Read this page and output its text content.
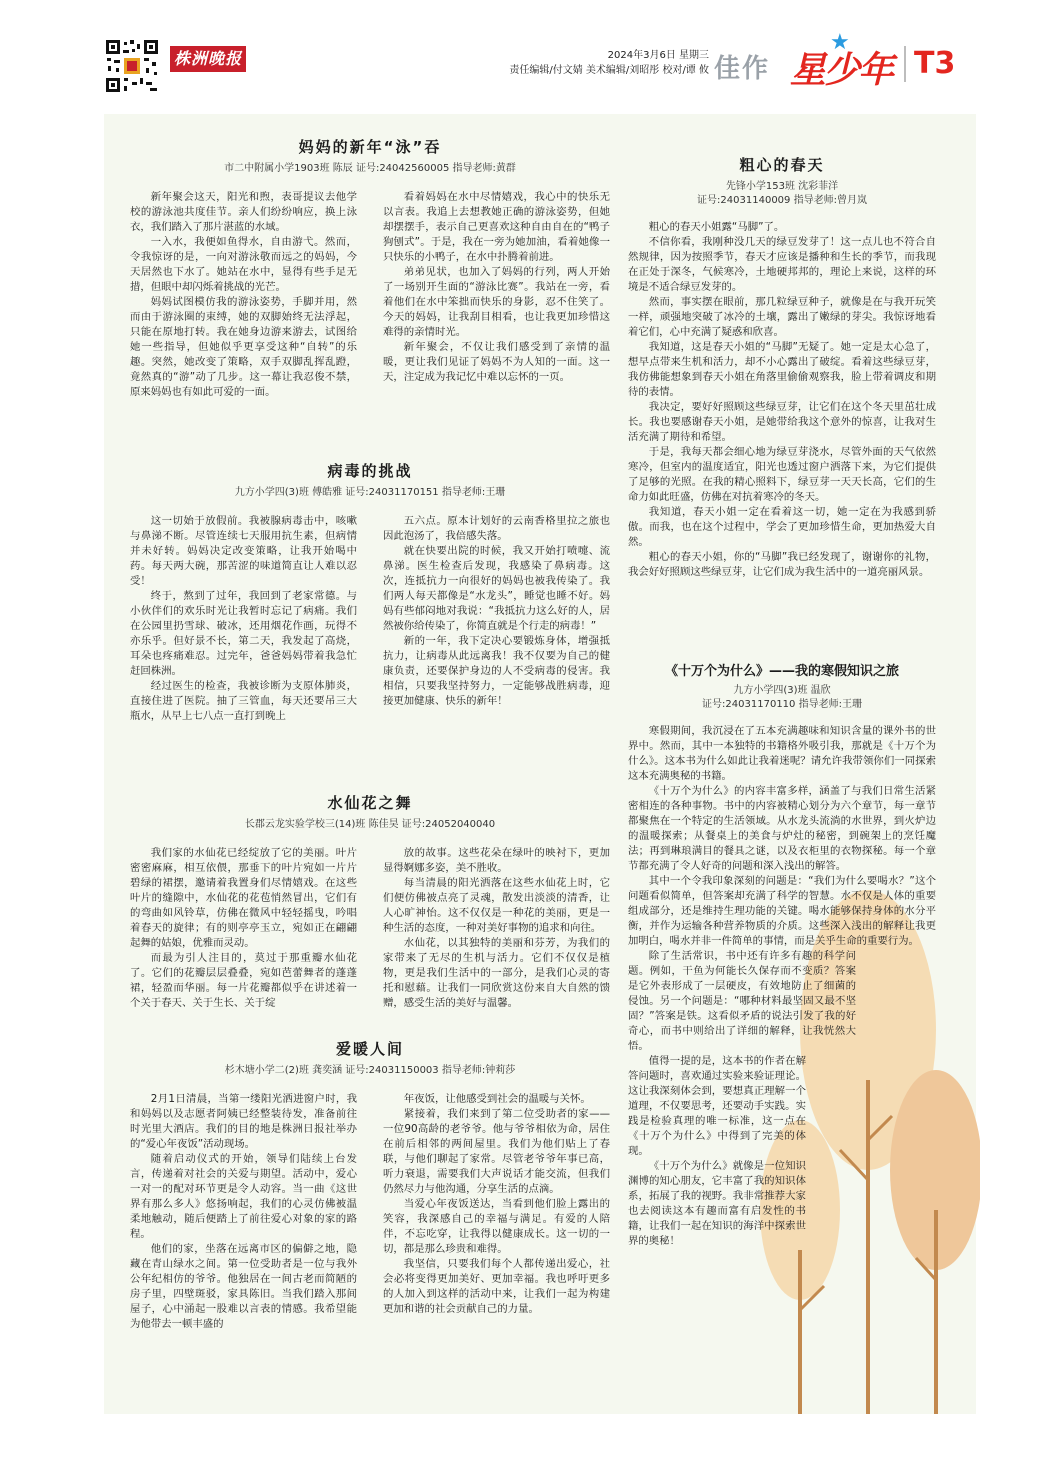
株洲晚报	2024年3月6日 星期三
责任编辑/付文婧 美术编辑/刘昭彤 校对/谭 攸 佳作
★
星少年 T3
妈妈的新年“泳”吞
市二中附属小学1903班 陈辰 证号:24042560005 指导老师:黄群

新年聚会这天，阳光和煦，表哥提议去他学校的游泳池共度佳节。亲人们纷纷响应，换上泳衣，我们踏入了那片湛蓝的水域。

一入水，我便如鱼得水，自由游弋。然而，令我惊讶的是，一向对游泳敬而远之的妈妈，今天居然也下水了。她站在水中，显得有些手足无措，但眼中却闪烁着挑战的光芒。

妈妈试图模仿我的游泳姿势，手脚并用，然而由于游泳圈的束缚，她的双脚始终无法浮起，只能在原地打转。我在她身边游来游去，试图给她一些指导，但她似乎更享受这种“自转”的乐趣。突然，她改变了策略，双手双脚乱挥乱蹬，竟然真的“游”动了几步。这一幕让我忍俊不禁，原来妈妈也有如此可爱的一面。

看着妈妈在水中尽情嬉戏，我心中的快乐无以言表。我追上去想教她正确的游泳姿势，但她却摆摆手，表示自己更喜欢这种自由自在的“鸭子狗刨式”。于是，我在一旁为她加油，看着她像一只快乐的小鸭子，在水中扑腾着前进。

弟弟见状，也加入了妈妈的行列，两人开始了一场别开生面的“游泳比赛”。我站在一旁，看着他们在水中笨拙而快乐的身影，忍不住笑了。今天的妈妈，让我刮目相看，也让我更加珍惜这难得的亲情时光。

新年聚会，不仅让我们感受到了亲情的温暖，更让我们见证了妈妈不为人知的一面。这一天，注定成为我记忆中难以忘怀的一页。

病毒的挑战
九方小学四(3)班 傅皓雅 证号:24031170151 指导老师:王珊

这一切始于放假前。我被腺病毒击中，咳嗽与鼻涕不断。尽管连续七天服用抗生素，但病情并未好转。妈妈决定改变策略，让我开始喝中药。每天两大碗，那苦涩的味道简直让人难以忍受！

终于，熬到了过年，我回到了老家常德。与小伙伴们的欢乐时光让我暂时忘记了病痛。我们在公园里扔雪球、破冰，还用烟花作画，玩得不亦乐乎。但好景不长，第二天，我发起了高烧，耳朵也疼痛难忍。过完年，爸爸妈妈带着我急忙赶回株洲。

经过医生的检查，我被诊断为支原体肺炎，直接住进了医院。抽了三管血，每天还要吊三大瓶水，从早上七八点一直打到晚上

五六点。原本计划好的云南香格里拉之旅也因此泡汤了，我倍感失落。

就在快要出院的时候，我又开始打喷嚏、流鼻涕。医生检查后发现，我感染了鼻病毒。这次，连抵抗力一向很好的妈妈也被我传染了。我们两人每天都像是“水龙头”，睡觉也睡不好。妈妈有些郁闷地对我说：“我抵抗力这么好的人，居然被你给传染了，你简直就是个行走的病毒！”

新的一年，我下定决心要锻炼身体，增强抵抗力，让病毒从此远离我！我不仅要为自己的健康负责，还要保护身边的人不受病毒的侵害。我相信，只要我坚持努力，一定能够战胜病毒，迎接更加健康、快乐的新年！

水仙花之舞
长郡云龙实验学校三(14)班 陈佳昊 证号:24052040040

我们家的水仙花已经绽放了它的美丽。叶片密密麻麻，相互依偎，那垂下的叶片宛如一片片碧绿的裙摆，邀请着我置身们尽情嬉戏。在这些叶片的缝隙中，水仙花的花苞悄然冒出，它们有的弯曲如风铃草，仿佛在微风中轻轻摇曳，吟唱着春天的旋律；有的则亭亭玉立，宛如正在翩翩起舞的姑娘，优雅而灵动。

而最为引人注目的，莫过于那重瓣水仙花了。它们的花瓣层层叠叠，宛如芭蕾舞者的蓬蓬裙，轻盈而华丽。每一片花瓣都似乎在讲述着一个关于春天、关于生长、关于绽

放的故事。这些花朵在绿叶的映衬下，更加显得婀娜多姿，美不胜收。

每当清晨的阳光洒落在这些水仙花上时，它们便仿佛被点亮了灵魂，散发出淡淡的清香，让人心旷神怡。这不仅仅是一种花的美丽，更是一种生活的态度，一种对美好事物的追求和向往。

水仙花，以其独特的美丽和芬芳，为我们的家带来了无尽的生机与活力。它们不仅仅是植物，更是我们生活中的一部分，是我们心灵的寄托和慰藉。让我们一同欣赏这份来自大自然的馈赠，感受生活的美好与温馨。

爱暖人间
杉木塘小学二(2)班 龚奕涵 证号:24031150003 指导老师:钟莉莎

2月1日清晨，当第一缕阳光洒进窗户时，我和妈妈以及志愿者阿姨已经整装待发，准备前往时光里大酒店。我们的目的地是株洲日报社举办的“爱心年夜饭”活动现场。

随着启动仪式的开始，领导们陆续上台发言，传递着对社会的关爱与期望。活动中，爱心一对一的配对环节更是令人动容。当一曲《这世界有那么多人》悠扬响起，我们的心灵仿佛被温柔地触动，随后便踏上了前往爱心对象的家的路程。

他们的家，坐落在远离市区的偏僻之地，隐藏在青山绿水之间。第一位受助者是一位与我外公年纪相仿的爷爷。他独居在一间古老而简陋的房子里，四壁斑驳，家具陈旧。当我们踏入那间屋子，心中涌起一股难以言表的情感。我希望能为他带去一顿丰盛的

年夜饭，让他感受到社会的温暖与关怀。

紧接着，我们来到了第二位受助者的家——一位90高龄的老爷爷。他与爷爷相依为命，居住在前后相邻的两间屋里。我们为他们贴上了春联，与他们聊起了家常。尽管老爷爷年事已高，听力衰退，需要我们大声说话才能交流，但我们仍然尽力与他沟通，分享生活的点滴。

当爱心年夜饭送达，当看到他们脸上露出的笑容，我深感自己的幸福与满足。有爱的人陪伴，不忘吃穿，让我得以健康成长。这一切的一切，都是那么珍贵和难得。

我坚信，只要我们每个人都传递出爱心，社会必将变得更加美好、更加幸福。我也呼吁更多的人加入到这样的活动中来，让我们一起为构建更加和谐的社会贡献自己的力量。

粗心的春天
先锋小学153班 沈彩菲洋
证号:24031140009 指导老师:曾月岚

粗心的春天小姐露“马脚”了。

不信你看，我刚种没几天的绿豆发芽了！这一点儿也不符合自然规律，因为按照季节，春天才应该是播种和生长的季节，而我现在正处于深冬，气候寒冷，土地硬邦邦的，理论上来说，这样的环境是不适合绿豆发芽的。

然而，事实摆在眼前，那几粒绿豆种子，就像是在与我开玩笑一样，顽强地突破了冰冷的土壤，露出了嫩绿的芽尖。我惊讶地看着它们，心中充满了疑惑和欣喜。

我知道，这是春天小姐的“马脚”无疑了。她一定是太心急了，想早点带来生机和活力，却不小心露出了破绽。看着这些绿豆芽，我仿佛能想象到春天小姐在角落里偷偷观察我，脸上带着调皮和期待的表情。

我决定，要好好照顾这些绿豆芽，让它们在这个冬天里茁壮成长。我也要感谢春天小姐，是她带给我这个意外的惊喜，让我对生活充满了期待和希望。

于是，我每天都会细心地为绿豆芽浇水，尽管外面的天气依然寒冷，但室内的温度适宜，阳光也透过窗户洒落下来，为它们提供了足够的光照。在我的精心照料下，绿豆芽一天天长高，它们的生命力如此旺盛，仿佛在对抗着寒冷的冬天。

我知道，春天小姐一定在看着这一切，她一定在为我感到骄傲。而我，也在这个过程中，学会了更加珍惜生命，更加热爱大自然。

粗心的春天小姐，你的“马脚”我已经发现了，谢谢你的礼物，我会好好照顾这些绿豆芽，让它们成为我生活中的一道亮丽风景。

《十万个为什么》——我的寒假知识之旅
九方小学四(3)班 温欣
证号:24031170110 指导老师:王珊

寒假期间，我沉浸在了五本充满趣味和知识含量的课外书的世界中。然而，其中一本独特的书籍格外吸引我，那就是《十万个为什么》。这本书为什么如此让我着迷呢？请允许我带领你们一同探索这本充满奥秘的书籍。

《十万个为什么》的内容丰富多样，涵盖了与我们日常生活紧密相连的各种事物。书中的内容被精心划分为六个章节，每一章节都聚焦在一个特定的生活领域。从水龙头流淌的水世界，到火炉边的温暖探索；从餐桌上的美食与炉灶的秘密，到碗架上的烹饪魔法；再到琳琅满目的餐具之谜，以及衣柜里的衣物探秘。每一个章节都充满了令人好奇的问题和深入浅出的解答。

其中一个令我印象深刻的问题是：“我们为什么要喝水？”这个问题看似简单，但答案却充满了科学的智慧。水不仅是人体的重要组成部分，还是维持生理功能的关键。喝水能够保持身体的水分平衡，并作为运输各种营养物质的介质。这些深入浅出的解释让我更加明白，喝水并非一件简单的事情，而是关乎生命的重要行为。

除了生活常识，书中还有许多有趣的科学问题。例如，干鱼为何能长久保存而不变质？答案是它外表形成了一层硬皮，有效地防止了细菌的侵蚀。另一个问题是：“哪种材料最坚固又最不坚固？”答案是铁。这看似矛盾的说法引发了我的好奇心，而书中则给出了详细的解释，让我恍然大悟。

值得一提的是，这本书的作者在解答问题时，喜欢通过实验来验证理论。这让我深刻体会到，要想真正理解一个道理，不仅要思考，还要动手实践。实践是检验真理的唯一标准，这一点在《十万个为什么》中得到了完美的体现。

《十万个为什么》就像是一位知识渊博的知心朋友，它丰富了我的知识体系，拓展了我的视野。我非常推荐大家也去阅读这本有趣而富有启发性的书籍，让我们一起在知识的海洋中探索世界的奥秘！
